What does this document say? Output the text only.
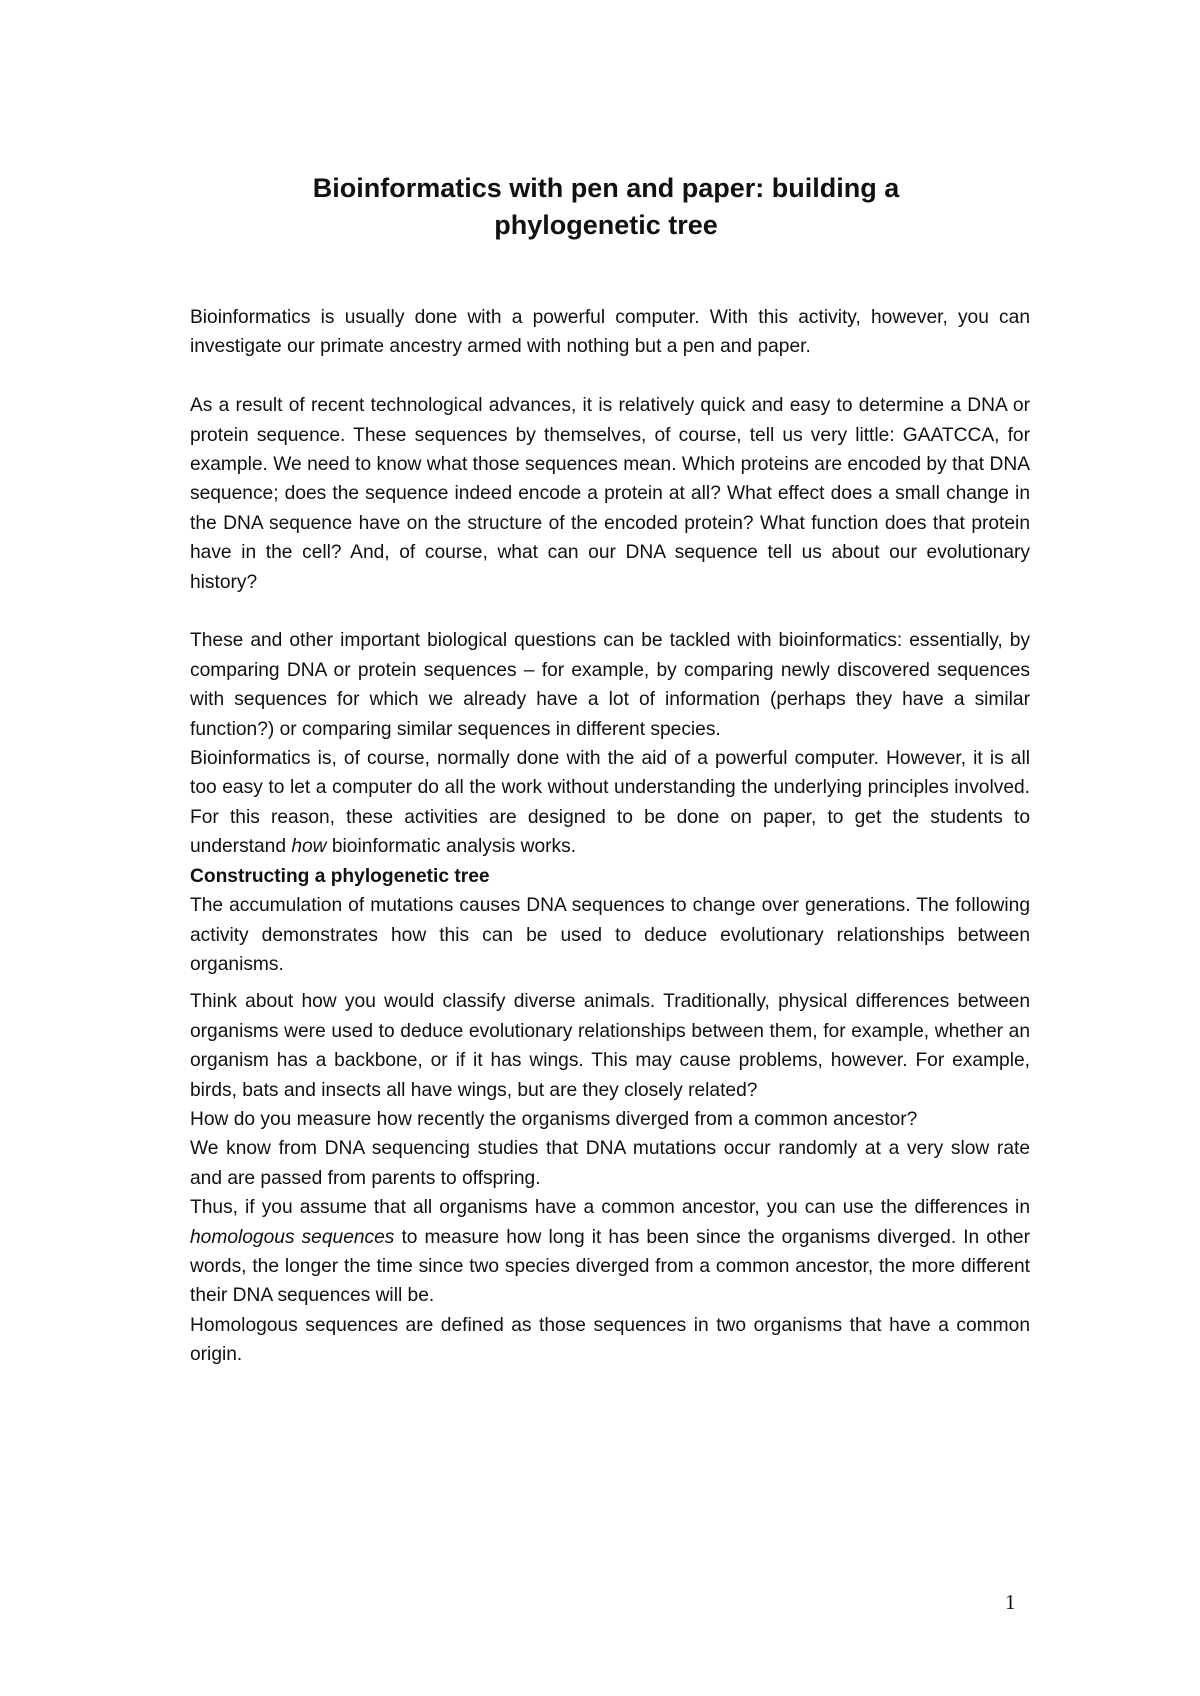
Bioinformatics with pen and paper: building a
phylogenetic tree

Bioinformatics is usually done with a powerful computer. With this activity, however, you can investigate our primate ancestry armed with nothing but a pen and paper.

As a result of recent technological advances, it is relatively quick and easy to determine a DNA or protein sequence. These sequences by themselves, of course, tell us very little: GAATCCA, for example. We need to know what those sequences mean. Which proteins are encoded by that DNA sequence; does the sequence indeed encode a protein at all? What effect does a small change in the DNA sequence have on the structure of the encoded protein? What function does that protein have in the cell? And, of course, what can our DNA sequence tell us about our evolutionary history?

These and other important biological questions can be tackled with bioinformatics: essentially, by comparing DNA or protein sequences – for example, by comparing newly discovered sequences with sequences for which we already have a lot of information (perhaps they have a similar function?) or comparing similar sequences in different species.

Bioinformatics is, of course, normally done with the aid of a powerful computer. However, it is all too easy to let a computer do all the work without understanding the underlying principles involved. For this reason, these activities are designed to be done on paper, to get the students to understand how bioinformatic analysis works.

Constructing a phylogenetic tree

The accumulation of mutations causes DNA sequences to change over generations. The following activity demonstrates how this can be used to deduce evolutionary relationships between organisms.

Think about how you would classify diverse animals. Traditionally, physical differences between organisms were used to deduce evolutionary relationships between them, for example, whether an organism has a backbone, or if it has wings. This may cause problems, however. For example, birds, bats and insects all have wings, but are they closely related?

How do you measure how recently the organisms diverged from a common ancestor?

We know from DNA sequencing studies that DNA mutations occur randomly at a very slow rate and are passed from parents to offspring.

Thus, if you assume that all organisms have a common ancestor, you can use the differences in homologous sequences to measure how long it has been since the organisms diverged. In other words, the longer the time since two species diverged from a common ancestor, the more different their DNA sequences will be.

Homologous sequences are defined as those sequences in two organisms that have a common origin.

1
